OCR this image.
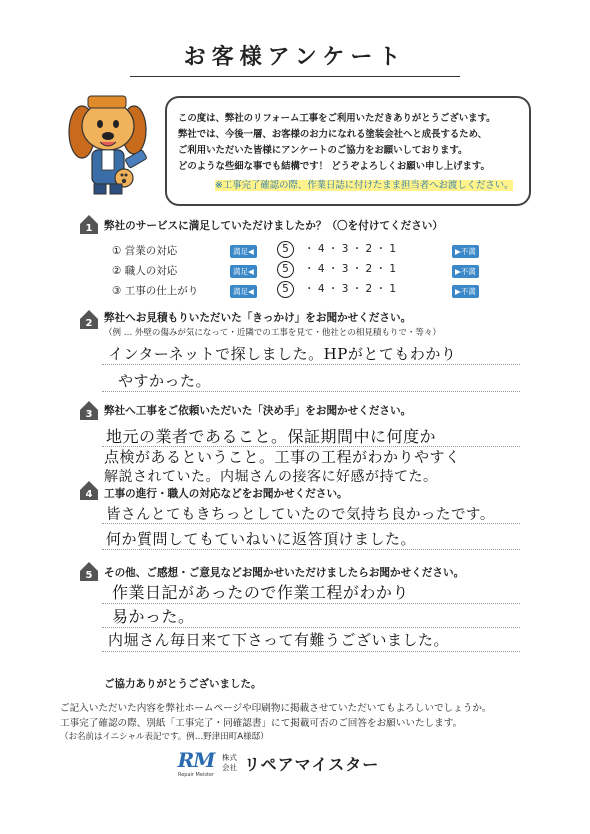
お客様アンケート
この度は、弊社のリフォーム工事をご利用いただきありがとうございます。
弊社では、今後一層、お客様のお力になれる塗装会社へと成長するため、
ご利用いただいた皆様にアンケートのご協力をお願いしております。
どのような些細な事でも結構です！ どうぞよろしくお願い申し上げます。
※工事完了確認の際、作業日誌に付けたまま担当者へお渡しください。
1 弊社のサービスに満足していただけましたか？（〇を付けてください）
① 営業の対応	満足◀	5 ・ 4 ・ 3 ・ 2 ・ 1	▶不満
② 職人の対応	満足◀	5 ・ 4 ・ 3 ・ 2 ・ 1	▶不満
③ 工事の仕上がり	満足◀	5 ・ 4 ・ 3 ・ 2 ・ 1	▶不満
2 弊社へお見積もりいただいた「きっかけ」をお聞かせください。
（例 … 外壁の傷みが気になって・近隣での工事を見て・他社との相見積もりで・等々）
インターネットで探しました。HPがとてもわかり
やすかった。
3 弊社へ工事をご依頼いただいた「決め手」をお聞かせください。
地元の業者であること。保証期間中に何度か
点検があるということ。工事の工程がわかりやすく
解説されていた。内堀さんの接客に好感が持てた。
4 工事の進行・職人の対応などをお聞かせください。
皆さんとてもきちっとしていたので気持ち良かったです。
何か質問してもていねいに返答頂けました。
5 その他、ご感想・ご意見などお聞かせいただけましたらお聞かせください。
作業日記があったので作業工程がわかり
易かった。
内堀さん毎日来て下さって有難うございました。
ご協力ありがとうございました。
ご記入いただいた内容を弊社ホームページや印刷物に掲載させていただいてもよろしいでしょうか。
工事完了確認の際、別紙「工事完了・同確認書」にて掲載可否のご回答をお願いいたします。
（お名前はイニシャル表記です。例…野津田町A様邸）
RM
Repair Meister
株式
会社 リペアマイスター
